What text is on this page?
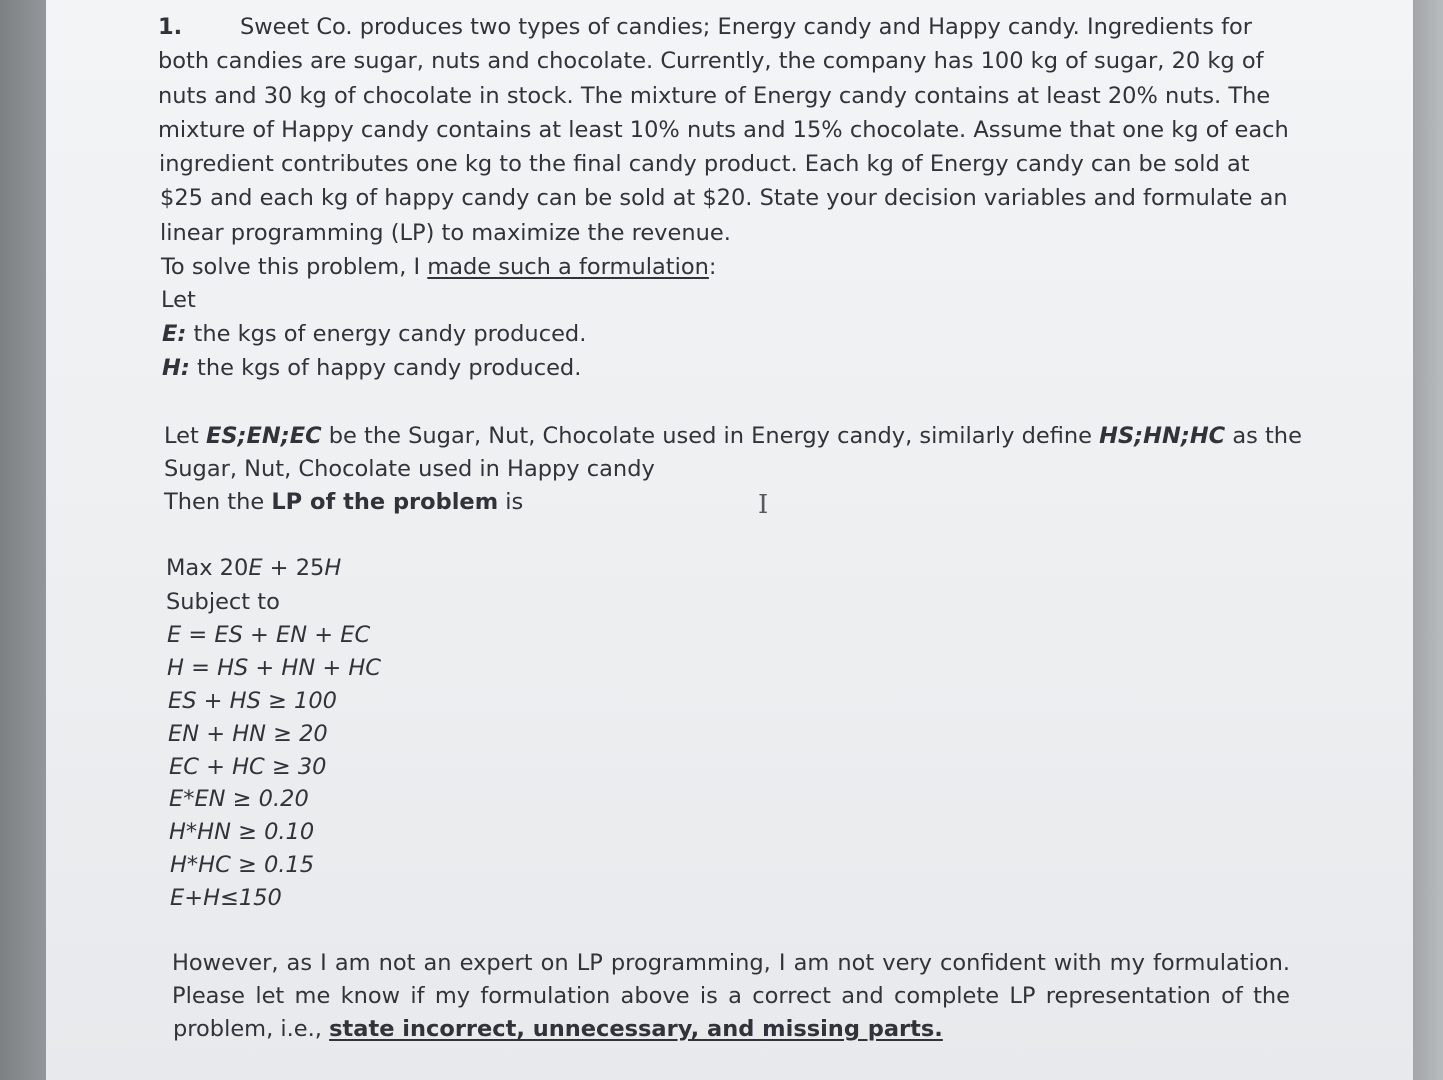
1.	Sweet Co. produces two types of candies; Energy candy and Happy candy. Ingredients for
both candies are sugar, nuts and chocolate. Currently, the company has 100 kg of sugar, 20 kg of
nuts and 30 kg of chocolate in stock. The mixture of Energy candy contains at least 20% nuts. The
mixture of Happy candy contains at least 10% nuts and 15% chocolate. Assume that one kg of each
ingredient contributes one kg to the final candy product. Each kg of Energy candy can be sold at
$25 and each kg of happy candy can be sold at $20. State your decision variables and formulate an
linear programming (LP) to maximize the revenue.
To solve this problem, I made such a formulation:
Let
E: the kgs of energy candy produced.
H: the kgs of happy candy produced.
Let ES;EN;EC be the Sugar, Nut, Chocolate used in Energy candy, similarly define HS;HN;HC as the
Sugar, Nut, Chocolate used in Happy candy
Then the LP of the problem is	I
Max 20E + 25H
Subject to
E = ES + EN + EC
H = HS + HN + HC
ES + HS ≥ 100
EN + HN ≥ 20
EC + HC ≥ 30
E*EN ≥ 0.20
H*HN ≥ 0.10
H*HC ≥ 0.15
E+H≤150
However, as I am not an expert on LP programming, I am not very confident with my formulation.
Please let me know if my formulation above is a correct and complete LP representation of the
problem, i.e., state incorrect, unnecessary, and missing parts.
